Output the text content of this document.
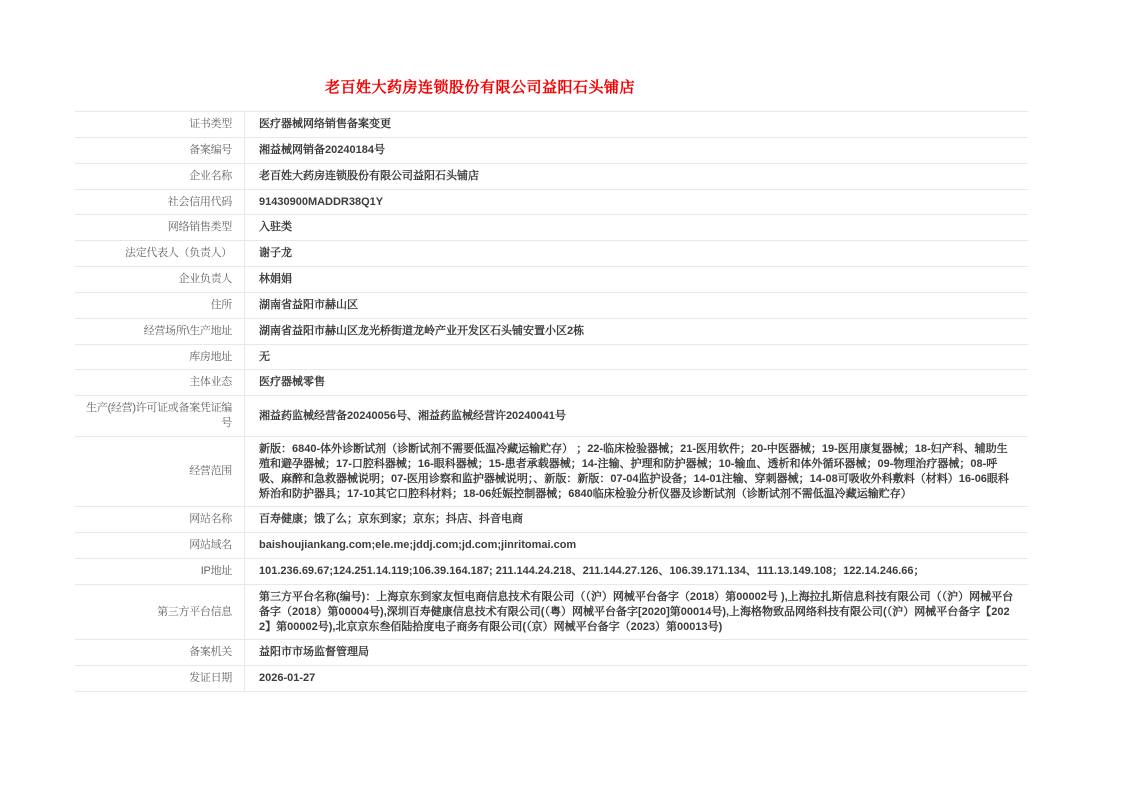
老百姓大药房连锁股份有限公司益阳石头铺店
证书类型	医疗器械网络销售备案变更
备案编号	湘益械网销备20240184号
企业名称	老百姓大药房连锁股份有限公司益阳石头铺店
社会信用代码	91430900MADDR38Q1Y
网络销售类型	入驻类
法定代表人（负责人）	谢子龙
企业负责人	林娟娟
住所	湖南省益阳市赫山区
经营场所\生产地址	湖南省益阳市赫山区龙光桥街道龙岭产业开发区石头铺安置小区2栋
库房地址	无
主体业态	医疗器械零售
生产(经营)许可证或备案凭证编号	湘益药监械经营备20240056号、湘益药监械经营许20240041号
经营范围	新版：6840-体外诊断试剂（诊断试剂不需要低温冷藏运输贮存） ；22-临床检验器械；21-医用软件；20-中医器械；19-医用康复器械；18-妇产科、辅助生殖和避孕器械；17-口腔科器械；16-眼科器械；15-患者承载器械；14-注输、护理和防护器械；10-输血、透析和体外循环器械；09-物理治疗器械；08-呼吸、麻醉和急救器械说明；07-医用诊察和监护器械说明；、新版：新版：07-04监护设备；14-01注输、穿刺器械；14-08可吸收外科敷料（材料）16-06眼科矫治和防护器具；17-10其它口腔科材料；18-06妊娠控制器械；6840临床检验分析仪器及诊断试剂（诊断试剂不需低温冷藏运输贮存）
网站名称	百寿健康；饿了么；京东到家；京东；抖店、抖音电商
网站域名	baishoujiankang.com;ele.me;jddj.com;jd.com;jinritomai.com
IP地址	101.236.69.67;124.251.14.119;106.39.164.187; 211.144.24.218、211.144.27.126、106.39.171.134、111.13.149.108；122.14.246.66；
第三方平台信息	第三方平台名称(编号)：上海京东到家友恒电商信息技术有限公司（（沪）网械平台备字（2018）第00002号 ),上海拉扎斯信息科技有限公司（（沪）网械平台备字（2018）第00004号),深圳百寿健康信息技术有限公司(（粤）网械平台备字[2020]第00014号),上海格物致品网络科技有限公司(（沪）网械平台备字【2022】第00002号),北京京东叁佰陆拾度电子商务有限公司(（京）网械平台备字（2023）第00013号)
备案机关	益阳市市场监督管理局
发证日期	2026-01-27
